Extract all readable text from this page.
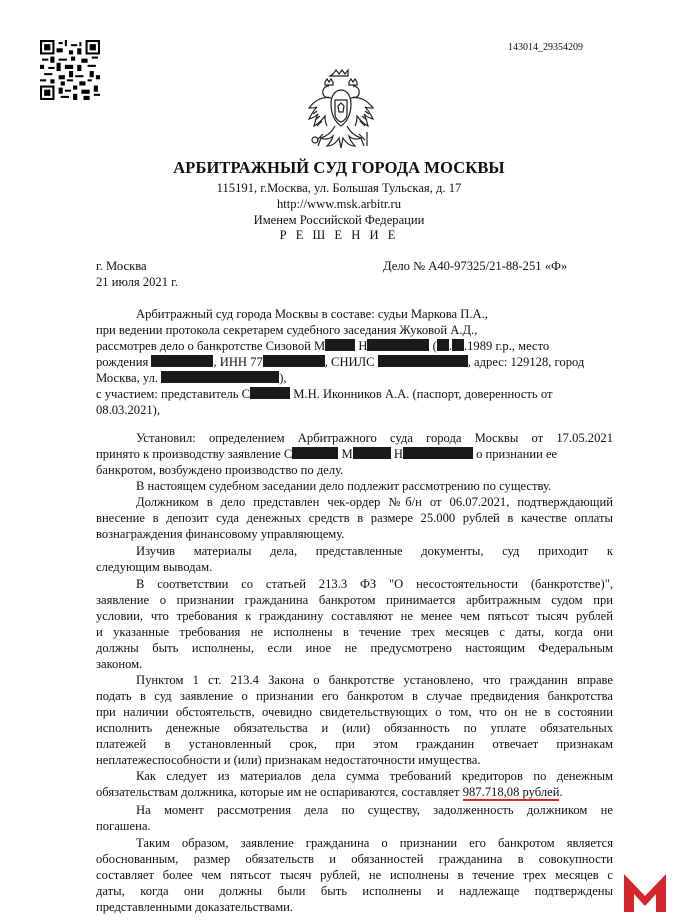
143014_29354209
АРБИТРАЖНЫЙ СУД ГОРОДА МОСКВЫ
115191, г.Москва, ул. Большая Тульская, д. 17
http://www.msk.arbitr.ru
Именем Российской Федерации
Р Е Ш Е Н И Е
г. Москва
21 июля 2021 г.
Дело № А40-97325/21-88-251 «Ф»
Арбитражный суд города Москвы в составе: судьи Маркова П.А.,
при ведении протокола секретарем судебного заседания Жуковой А.Д.,
рассмотрев дело о банкротстве Сизовой М	Н	( . .1989 г.р., место
рождения	, ИНН 77	, СНИЛС	, адрес: 129128, город
Москва, ул.	),
с участием: представитель С	М.Н. Иконников А.А. (паспорт, доверенность от
08.03.2021),
Установил: определением Арбитражного суда города Москвы от 17.05.2021
принято к производству заявление С	М	Н	о признании ее
банкротом, возбуждено производство по делу.
В настоящем судебном заседании дело подлежит рассмотрению по существу.
Должником в дело представлен чек-ордер №б/н от 06.07.2021, подтверждающий
внесение в депозит суда денежных средств в размере 25.000 рублей в качестве оплаты
вознаграждения финансовому управляющему.
Изучив материалы дела, представленные документы, суд приходит к
следующим выводам.
В соответствии со статьей 213.3 ФЗ "О несостоятельности (банкротстве)",
заявление о признании гражданина банкротом принимается арбитражным судом при
условии, что требования к гражданину составляют не менее чем пятьсот тысяч рублей
и указанные требования не исполнены в течение трех месяцев с даты, когда они
должны быть исполнены, если иное не предусмотрено настоящим Федеральным
законом.
Пунктом 1 ст. 213.4 Закона о банкротстве установлено, что гражданин вправе
подать в суд заявление о признании его банкротом в случае предвидения банкротства
при наличии обстоятельств, очевидно свидетельствующих о том, что он не в состоянии
исполнить денежные обязательства и (или) обязанность по уплате обязательных
платежей в установленный срок, при этом гражданин отвечает признакам
неплатежеспособности и (или) признакам недостаточности имущества.
Как следует из материалов дела сумма требований кредиторов по денежным
обязательствам должника, которые им не оспариваются, составляет 987.718,08 рублей.
На момент рассмотрения дела по существу, задолженность должником не
погашена.
Таким образом, заявление гражданина о признании его банкротом является
обоснованным, размер обязательств и обязанностей гражданина в совокупности
составляет более чем пятьсот тысяч рублей, не исполнены в течение трех месяцев с
даты, когда они должны были быть исполнены и надлежаще подтверждены
представленными доказательствами.
